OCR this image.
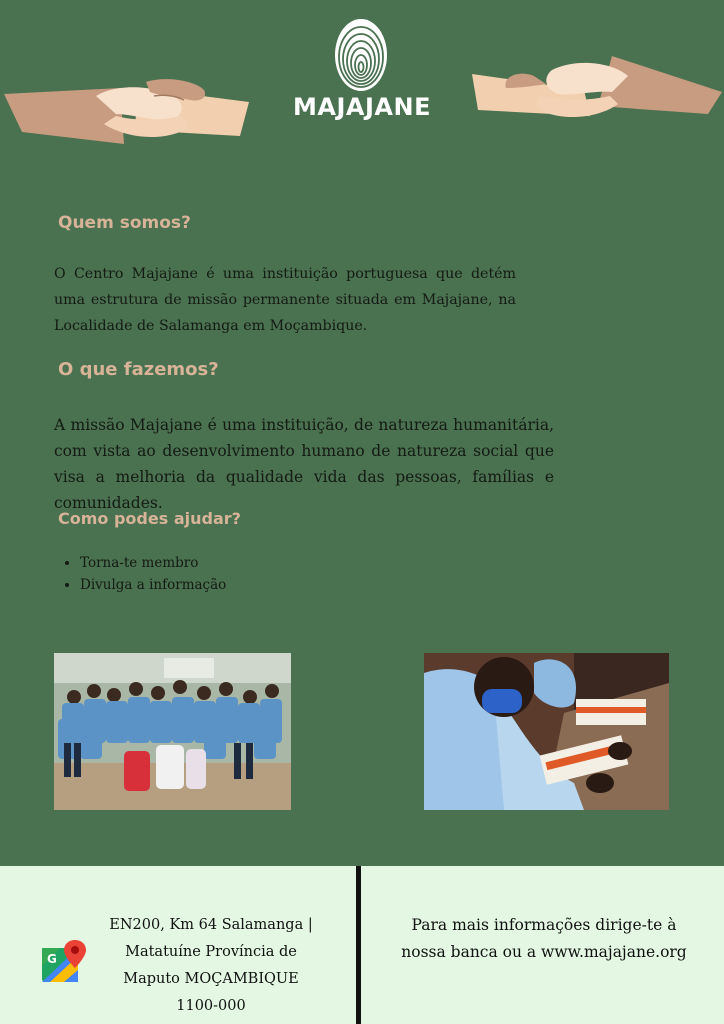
MAJAJANE
Quem somos?

O Centro Majajane é uma instituição portuguesa que detém uma estrutura de missão permanente situada em Majajane, na Localidade de Salamanga em Moçambique.

O que fazemos?

A missão Majajane é uma instituição, de natureza humanitária, com vista ao desenvolvimento humano de natureza social que visa a melhoria da qualidade vida das pessoas, famílias e comunidades.

Como podes ajudar?
• Torna-te membro
• Divulga a informação
G
EN200, Km 64 Salamanga |
Matatuíne Província de
Maputo MOÇAMBIQUE
1100-000
Para mais informações dirige-te à nossa banca ou a www.majajane.org
